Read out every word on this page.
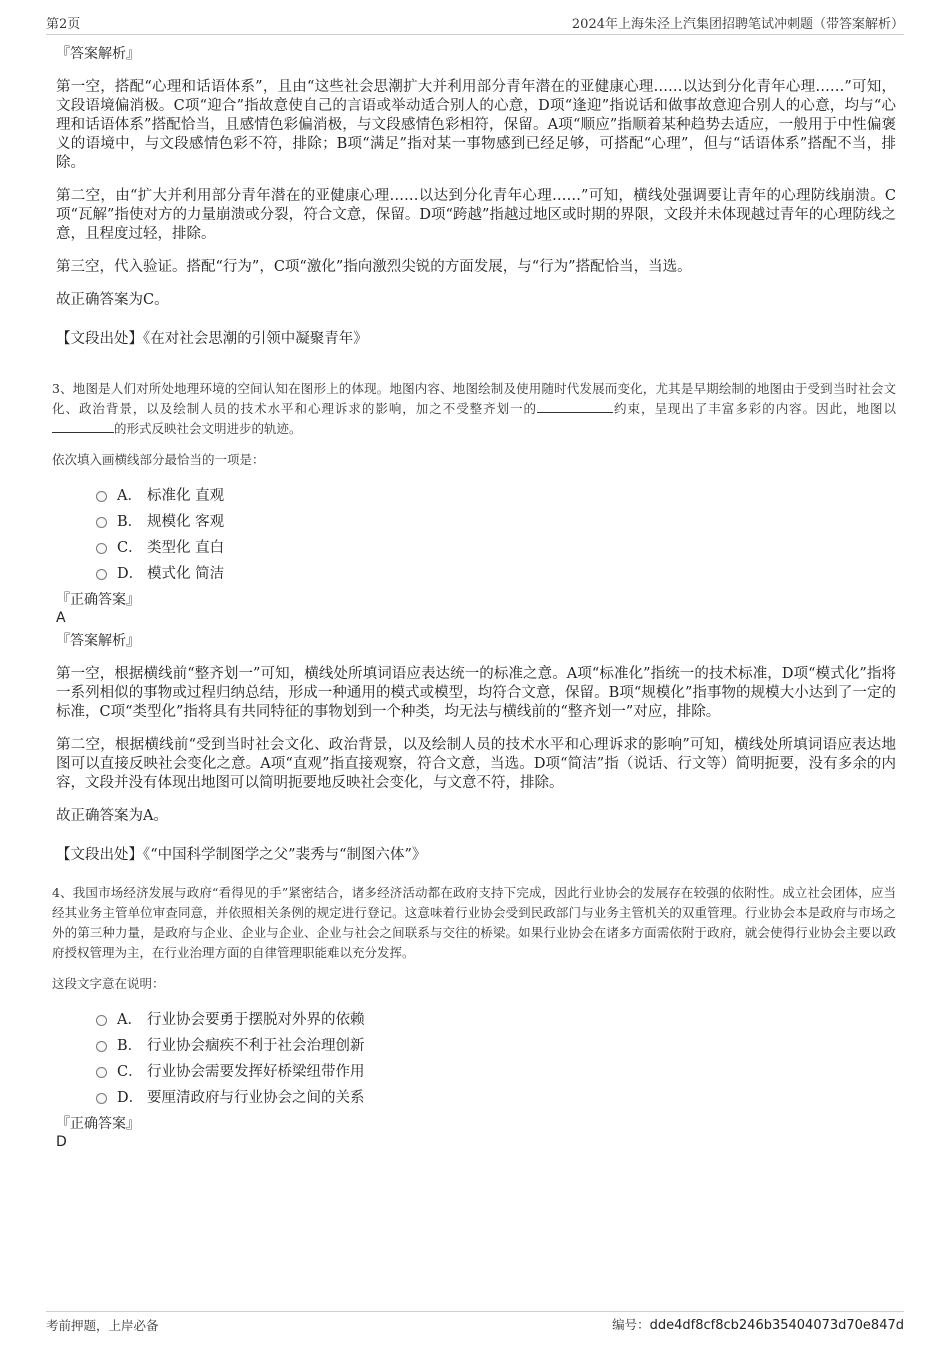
第2页	2024年上海朱泾上汽集团招聘笔试冲刺题（带答案解析）

『答案解析』

第一空，搭配“心理和话语体系”，且由“这些社会思潮扩大并利用部分青年潜在的亚健康心理……以达到分化青年心理……”可知，文段语境偏消极。C项“迎合”指故意使自己的言语或举动适合别人的心意，D项“逢迎”指说话和做事故意迎合别人的心意，均与“心理和话语体系”搭配恰当，且感情色彩偏消极，与文段感情色彩相符，保留。A项“顺应”指顺着某种趋势去适应，一般用于中性偏褒义的语境中，与文段感情色彩不符，排除；B项“满足”指对某一事物感到已经足够，可搭配“心理”，但与“话语体系”搭配不当，排除。

第二空，由“扩大并利用部分青年潜在的亚健康心理……以达到分化青年心理……”可知，横线处强调要让青年的心理防线崩溃。C项“瓦解”指使对方的力量崩溃或分裂，符合文意，保留。D项“跨越”指越过地区或时期的界限，文段并未体现越过青年的心理防线之意，且程度过轻，排除。

第三空，代入验证。搭配“行为”，C项“激化”指向激烈尖锐的方面发展，与“行为”搭配恰当，当选。

故正确答案为C。

【文段出处】《在对社会思潮的引领中凝聚青年》

3、地图是人们对所处地理环境的空间认知在图形上的体现。地图内容、地图绘制及使用随时代发展而变化，尤其是早期绘制的地图由于受到当时社会文化、政治背景，以及绘制人员的技术水平和心理诉求的影响，加之不受整齐划一的	约束，呈现出了丰富多彩的内容。因此，地图以的形式反映社会文明进步的轨迹。

依次填入画横线部分最恰当的一项是：

A． 标准化 直观
B． 规模化 客观
C． 类型化 直白
D． 模式化 简洁

『正确答案』

A

『答案解析』

第一空，根据横线前“整齐划一”可知，横线处所填词语应表达统一的标准之意。A项“标准化”指统一的技术标准，D项“模式化”指将一系列相似的事物或过程归纳总结，形成一种通用的模式或模型，均符合文意，保留。B项“规模化”指事物的规模大小达到了一定的标准，C项“类型化”指将具有共同特征的事物划到一个种类，均无法与横线前的“整齐划一”对应，排除。

第二空，根据横线前“受到当时社会文化、政治背景，以及绘制人员的技术水平和心理诉求的影响”可知，横线处所填词语应表达地图可以直接反映社会变化之意。A项“直观”指直接观察，符合文意，当选。D项“简洁”指（说话、行文等）简明扼要，没有多余的内容，文段并没有体现出地图可以简明扼要地反映社会变化，与文意不符，排除。

故正确答案为A。

【文段出处】《“中国科学制图学之父”裴秀与“制图六体”》

4、我国市场经济发展与政府“看得见的手”紧密结合，诸多经济活动都在政府支持下完成，因此行业协会的发展存在较强的依附性。成立社会团体，应当经其业务主管单位审查同意，并依照相关条例的规定进行登记。这意味着行业协会受到民政部门与业务主管机关的双重管理。行业协会本是政府与市场之外的第三种力量，是政府与企业、企业与企业、企业与社会之间联系与交往的桥梁。如果行业协会在诸多方面需依附于政府，就会使得行业协会主要以政府授权管理为主，在行业治理方面的自律管理职能难以充分发挥。

这段文字意在说明：

A． 行业协会要勇于摆脱对外界的依赖
B． 行业协会痼疾不利于社会治理创新
C． 行业协会需要发挥好桥梁纽带作用
D． 要厘清政府与行业协会之间的关系

『正确答案』

D

考前押题，上岸必备	编号：dde4df8cf8cb246b35404073d70e847d
